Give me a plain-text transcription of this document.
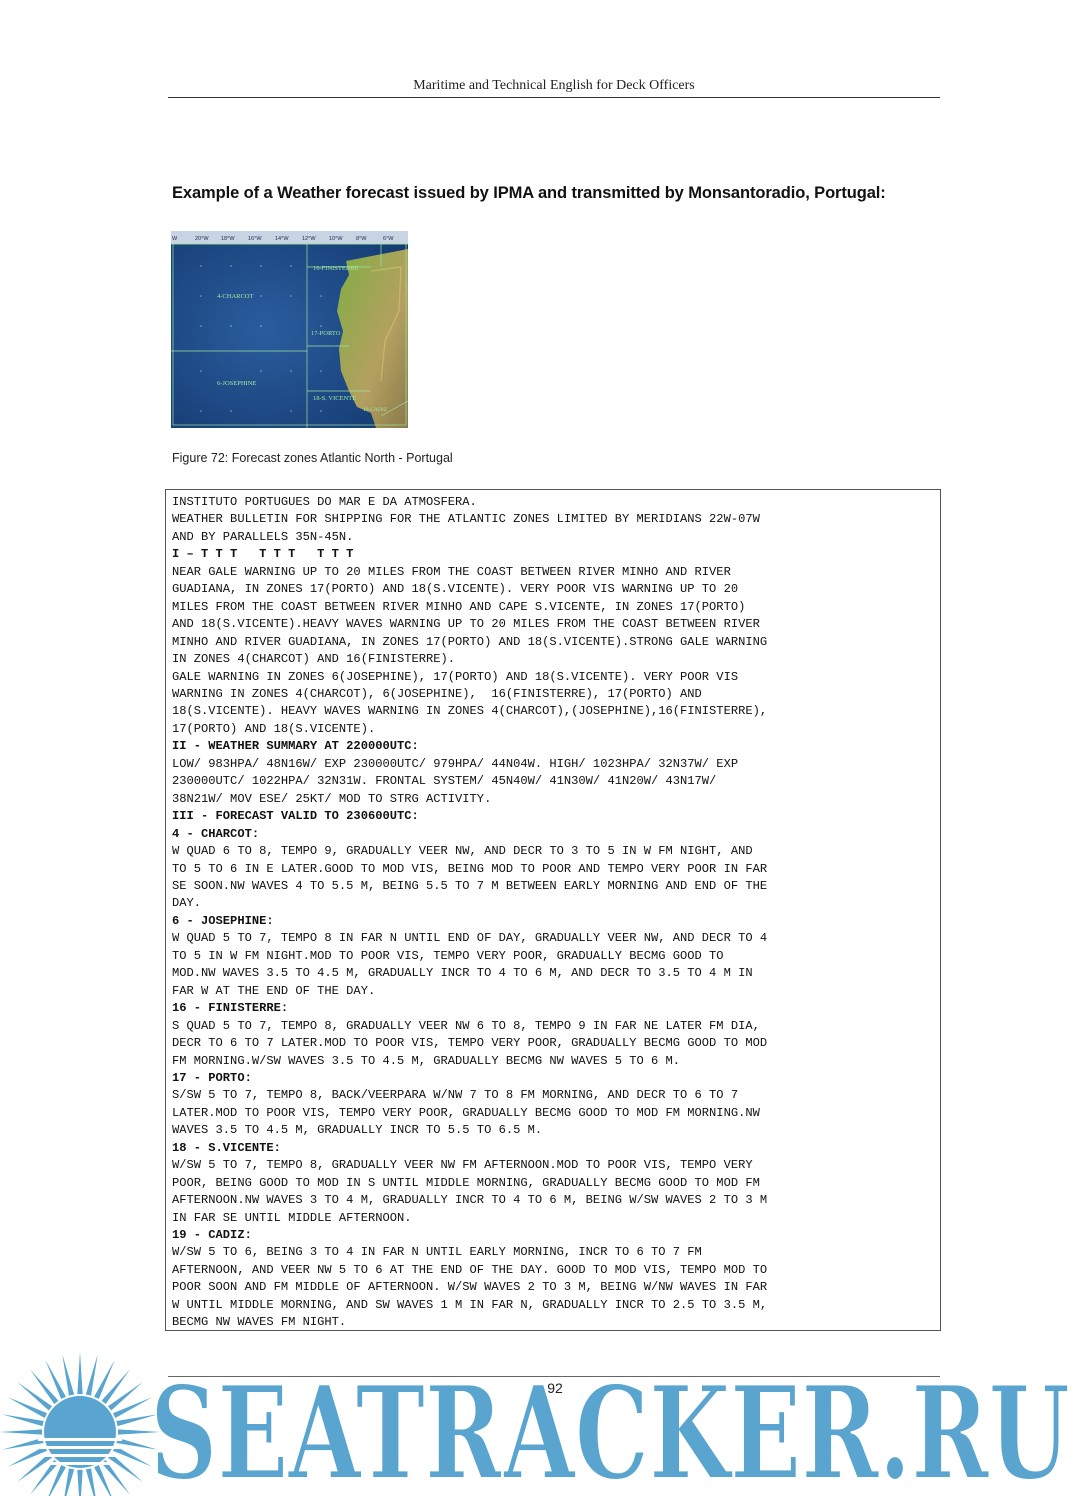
Maritime and Technical English for Deck Officers
Example of a Weather forecast issued by IPMA and transmitted by Monsantoradio, Portugal:
W	20°W 18°W 16°W 14°W 12°W 10°W 8°W	6°W
4-CHARCOT
16-FINISTERRE
17-PORTO
6-JOSEPHINE
18-S. VICENTE
19-CADIZ
Figure 72: Forecast zones Atlantic North - Portugal
INSTITUTO PORTUGUES DO MAR E DA ATMOSFERA.
WEATHER BULLETIN FOR SHIPPING FOR THE ATLANTIC ZONES LIMITED BY MERIDIANS 22W-07W
AND BY PARALLELS 35N-45N.
I – T T T   T T T   T T T
NEAR GALE WARNING UP TO 20 MILES FROM THE COAST BETWEEN RIVER MINHO AND RIVER
GUADIANA, IN ZONES 17(PORTO) AND 18(S.VICENTE). VERY POOR VIS WARNING UP TO 20
MILES FROM THE COAST BETWEEN RIVER MINHO AND CAPE S.VICENTE, IN ZONES 17(PORTO)
AND 18(S.VICENTE).HEAVY WAVES WARNING UP TO 20 MILES FROM THE COAST BETWEEN RIVER
MINHO AND RIVER GUADIANA, IN ZONES 17(PORTO) AND 18(S.VICENTE).STRONG GALE WARNING
IN ZONES 4(CHARCOT) AND 16(FINISTERRE).
GALE WARNING IN ZONES 6(JOSEPHINE), 17(PORTO) AND 18(S.VICENTE). VERY POOR VIS
WARNING IN ZONES 4(CHARCOT), 6(JOSEPHINE),  16(FINISTERRE), 17(PORTO) AND
18(S.VICENTE). HEAVY WAVES WARNING IN ZONES 4(CHARCOT),(JOSEPHINE),16(FINISTERRE),
17(PORTO) AND 18(S.VICENTE).
II - WEATHER SUMMARY AT 220000UTC:
LOW/ 983HPA/ 48N16W/ EXP 230000UTC/ 979HPA/ 44N04W. HIGH/ 1023HPA/ 32N37W/ EXP
230000UTC/ 1022HPA/ 32N31W. FRONTAL SYSTEM/ 45N40W/ 41N30W/ 41N20W/ 43N17W/
38N21W/ MOV ESE/ 25KT/ MOD TO STRG ACTIVITY.
III - FORECAST VALID TO 230600UTC:
4 - CHARCOT:
W QUAD 6 TO 8, TEMPO 9, GRADUALLY VEER NW, AND DECR TO 3 TO 5 IN W FM NIGHT, AND
TO 5 TO 6 IN E LATER.GOOD TO MOD VIS, BEING MOD TO POOR AND TEMPO VERY POOR IN FAR
SE SOON.NW WAVES 4 TO 5.5 M, BEING 5.5 TO 7 M BETWEEN EARLY MORNING AND END OF THE
DAY.
6 - JOSEPHINE:
W QUAD 5 TO 7, TEMPO 8 IN FAR N UNTIL END OF DAY, GRADUALLY VEER NW, AND DECR TO 4
TO 5 IN W FM NIGHT.MOD TO POOR VIS, TEMPO VERY POOR, GRADUALLY BECMG GOOD TO
MOD.NW WAVES 3.5 TO 4.5 M, GRADUALLY INCR TO 4 TO 6 M, AND DECR TO 3.5 TO 4 M IN
FAR W AT THE END OF THE DAY.
16 - FINISTERRE:
S QUAD 5 TO 7, TEMPO 8, GRADUALLY VEER NW 6 TO 8, TEMPO 9 IN FAR NE LATER FM DIA,
DECR TO 6 TO 7 LATER.MOD TO POOR VIS, TEMPO VERY POOR, GRADUALLY BECMG GOOD TO MOD
FM MORNING.W/SW WAVES 3.5 TO 4.5 M, GRADUALLY BECMG NW WAVES 5 TO 6 M.
17 - PORTO:
S/SW 5 TO 7, TEMPO 8, BACK/VEERPARA W/NW 7 TO 8 FM MORNING, AND DECR TO 6 TO 7
LATER.MOD TO POOR VIS, TEMPO VERY POOR, GRADUALLY BECMG GOOD TO MOD FM MORNING.NW
WAVES 3.5 TO 4.5 M, GRADUALLY INCR TO 5.5 TO 6.5 M.
18 - S.VICENTE:
W/SW 5 TO 7, TEMPO 8, GRADUALLY VEER NW FM AFTERNOON.MOD TO POOR VIS, TEMPO VERY
POOR, BEING GOOD TO MOD IN S UNTIL MIDDLE MORNING, GRADUALLY BECMG GOOD TO MOD FM
AFTERNOON.NW WAVES 3 TO 4 M, GRADUALLY INCR TO 4 TO 6 M, BEING W/SW WAVES 2 TO 3 M
IN FAR SE UNTIL MIDDLE AFTERNOON.
19 - CADIZ:
W/SW 5 TO 6, BEING 3 TO 4 IN FAR N UNTIL EARLY MORNING, INCR TO 6 TO 7 FM
AFTERNOON, AND VEER NW 5 TO 6 AT THE END OF THE DAY. GOOD TO MOD VIS, TEMPO MOD TO
POOR SOON AND FM MIDDLE OF AFTERNOON. W/SW WAVES 2 TO 3 M, BEING W/NW WAVES IN FAR
W UNTIL MIDDLE MORNING, AND SW WAVES 1 M IN FAR N, GRADUALLY INCR TO 2.5 TO 3.5 M,
BECMG NW WAVES FM NIGHT.
92
SEATRACKER.RU
